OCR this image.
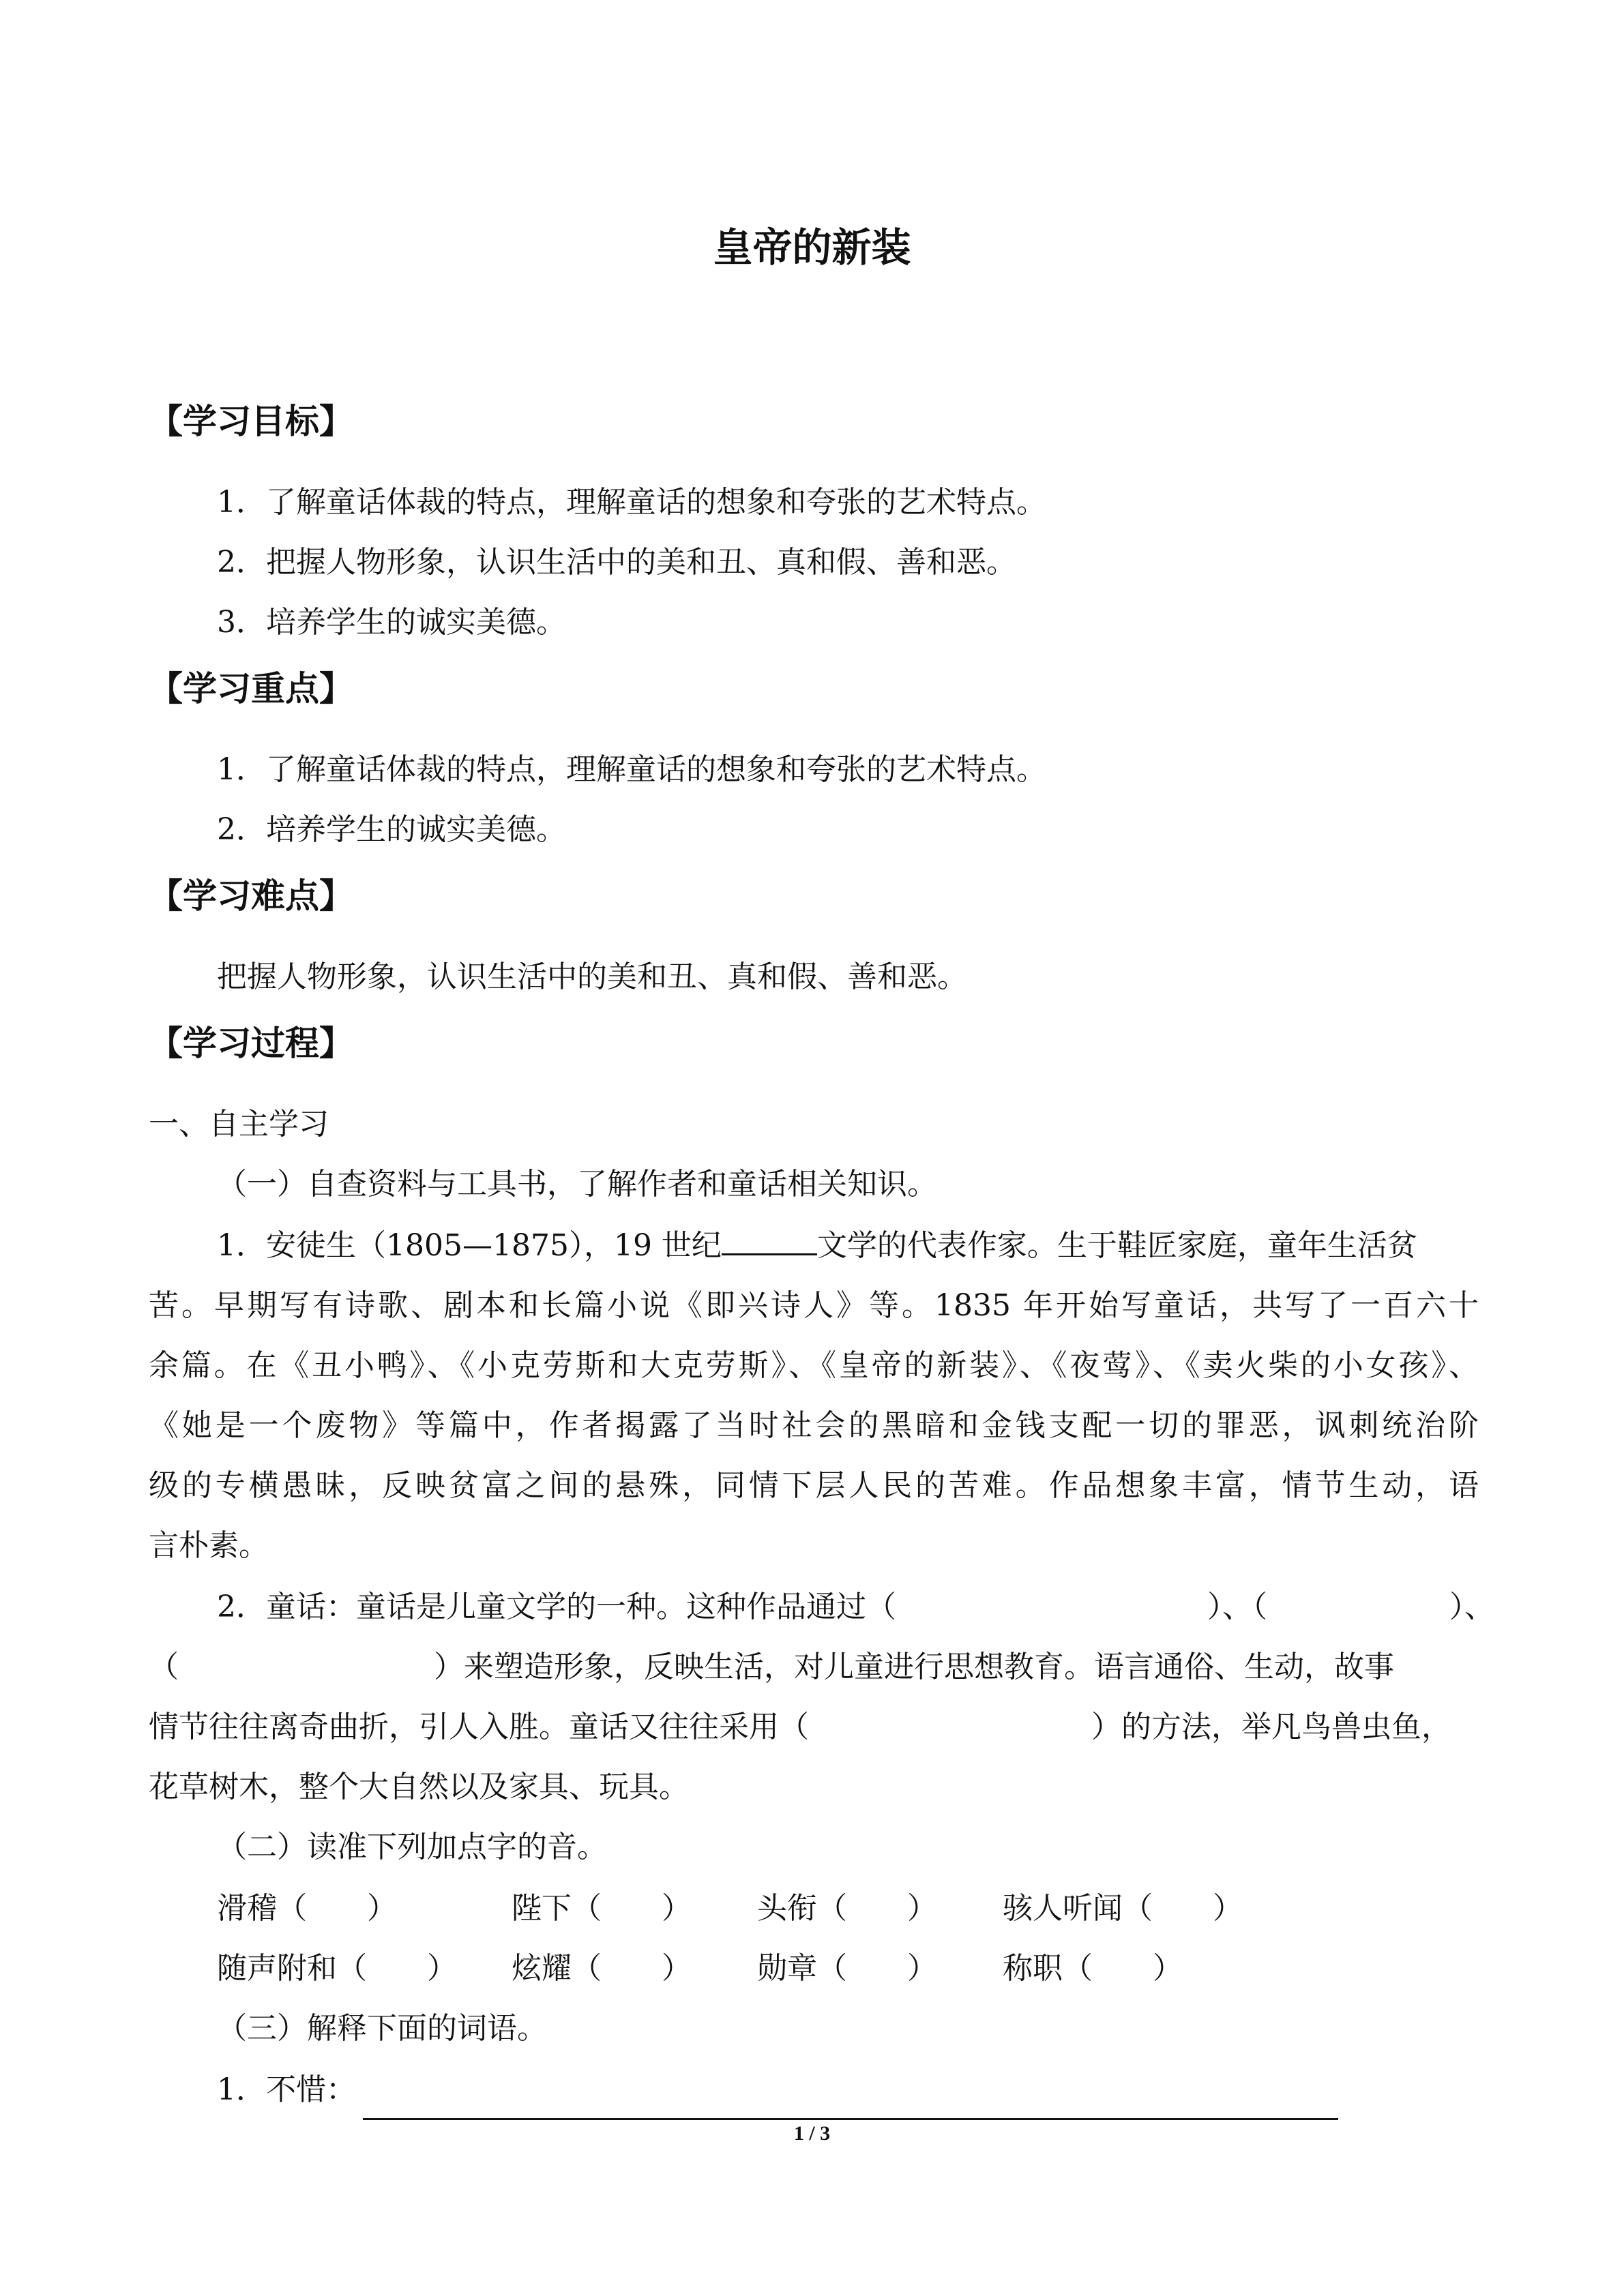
皇帝的新装
【学习目标】
1．了解童话体裁的特点，理解童话的想象和夸张的艺术特点。
2．把握人物形象，认识生活中的美和丑、真和假、善和恶。
3．培养学生的诚实美德。
【学习重点】
1．了解童话体裁的特点，理解童话的想象和夸张的艺术特点。
2．培养学生的诚实美德。
【学习难点】
把握人物形象，认识生活中的美和丑、真和假、善和恶。
【学习过程】
一、自主学习
（一）自查资料与工具书，了解作者和童话相关知识。
1．安徒生（1805—1875），19 世纪	文学的代表作家。生于鞋匠家庭，童年生活贫
苦。早期写有诗歌、剧本和长篇小说《即兴诗人》等。1835 年开始写童话，共写了一百六十
余篇。在《丑小鸭》、《小克劳斯和大克劳斯》、《皇帝的新装》、《夜莺》、《卖火柴的小女孩》、
《她是一个废物》等篇中，作者揭露了当时社会的黑暗和金钱支配一切的罪恶，讽刺统治阶
级的专横愚昧，反映贫富之间的悬殊，同情下层人民的苦难。作品想象丰富，情节生动，语
言朴素。
2．童话：童话是儿童文学的一种。这种作品通过（	）、（	）、
（	）来塑造形象，反映生活，对儿童进行思想教育。语言通俗、生动，故事
情节往往离奇曲折，引人入胜。童话又往往采用（	）的方法，举凡鸟兽虫鱼，
花草树木，整个大自然以及家具、玩具。
（二）读准下列加点字的音。
滑稽（　　）	陛下（　　） 头衔（　　） 骇人听闻（　　）
随声附和（　　） 炫耀（　　） 勋章（　　） 称职（　　）
（三）解释下面的词语。
1．不惜：
1 / 3
